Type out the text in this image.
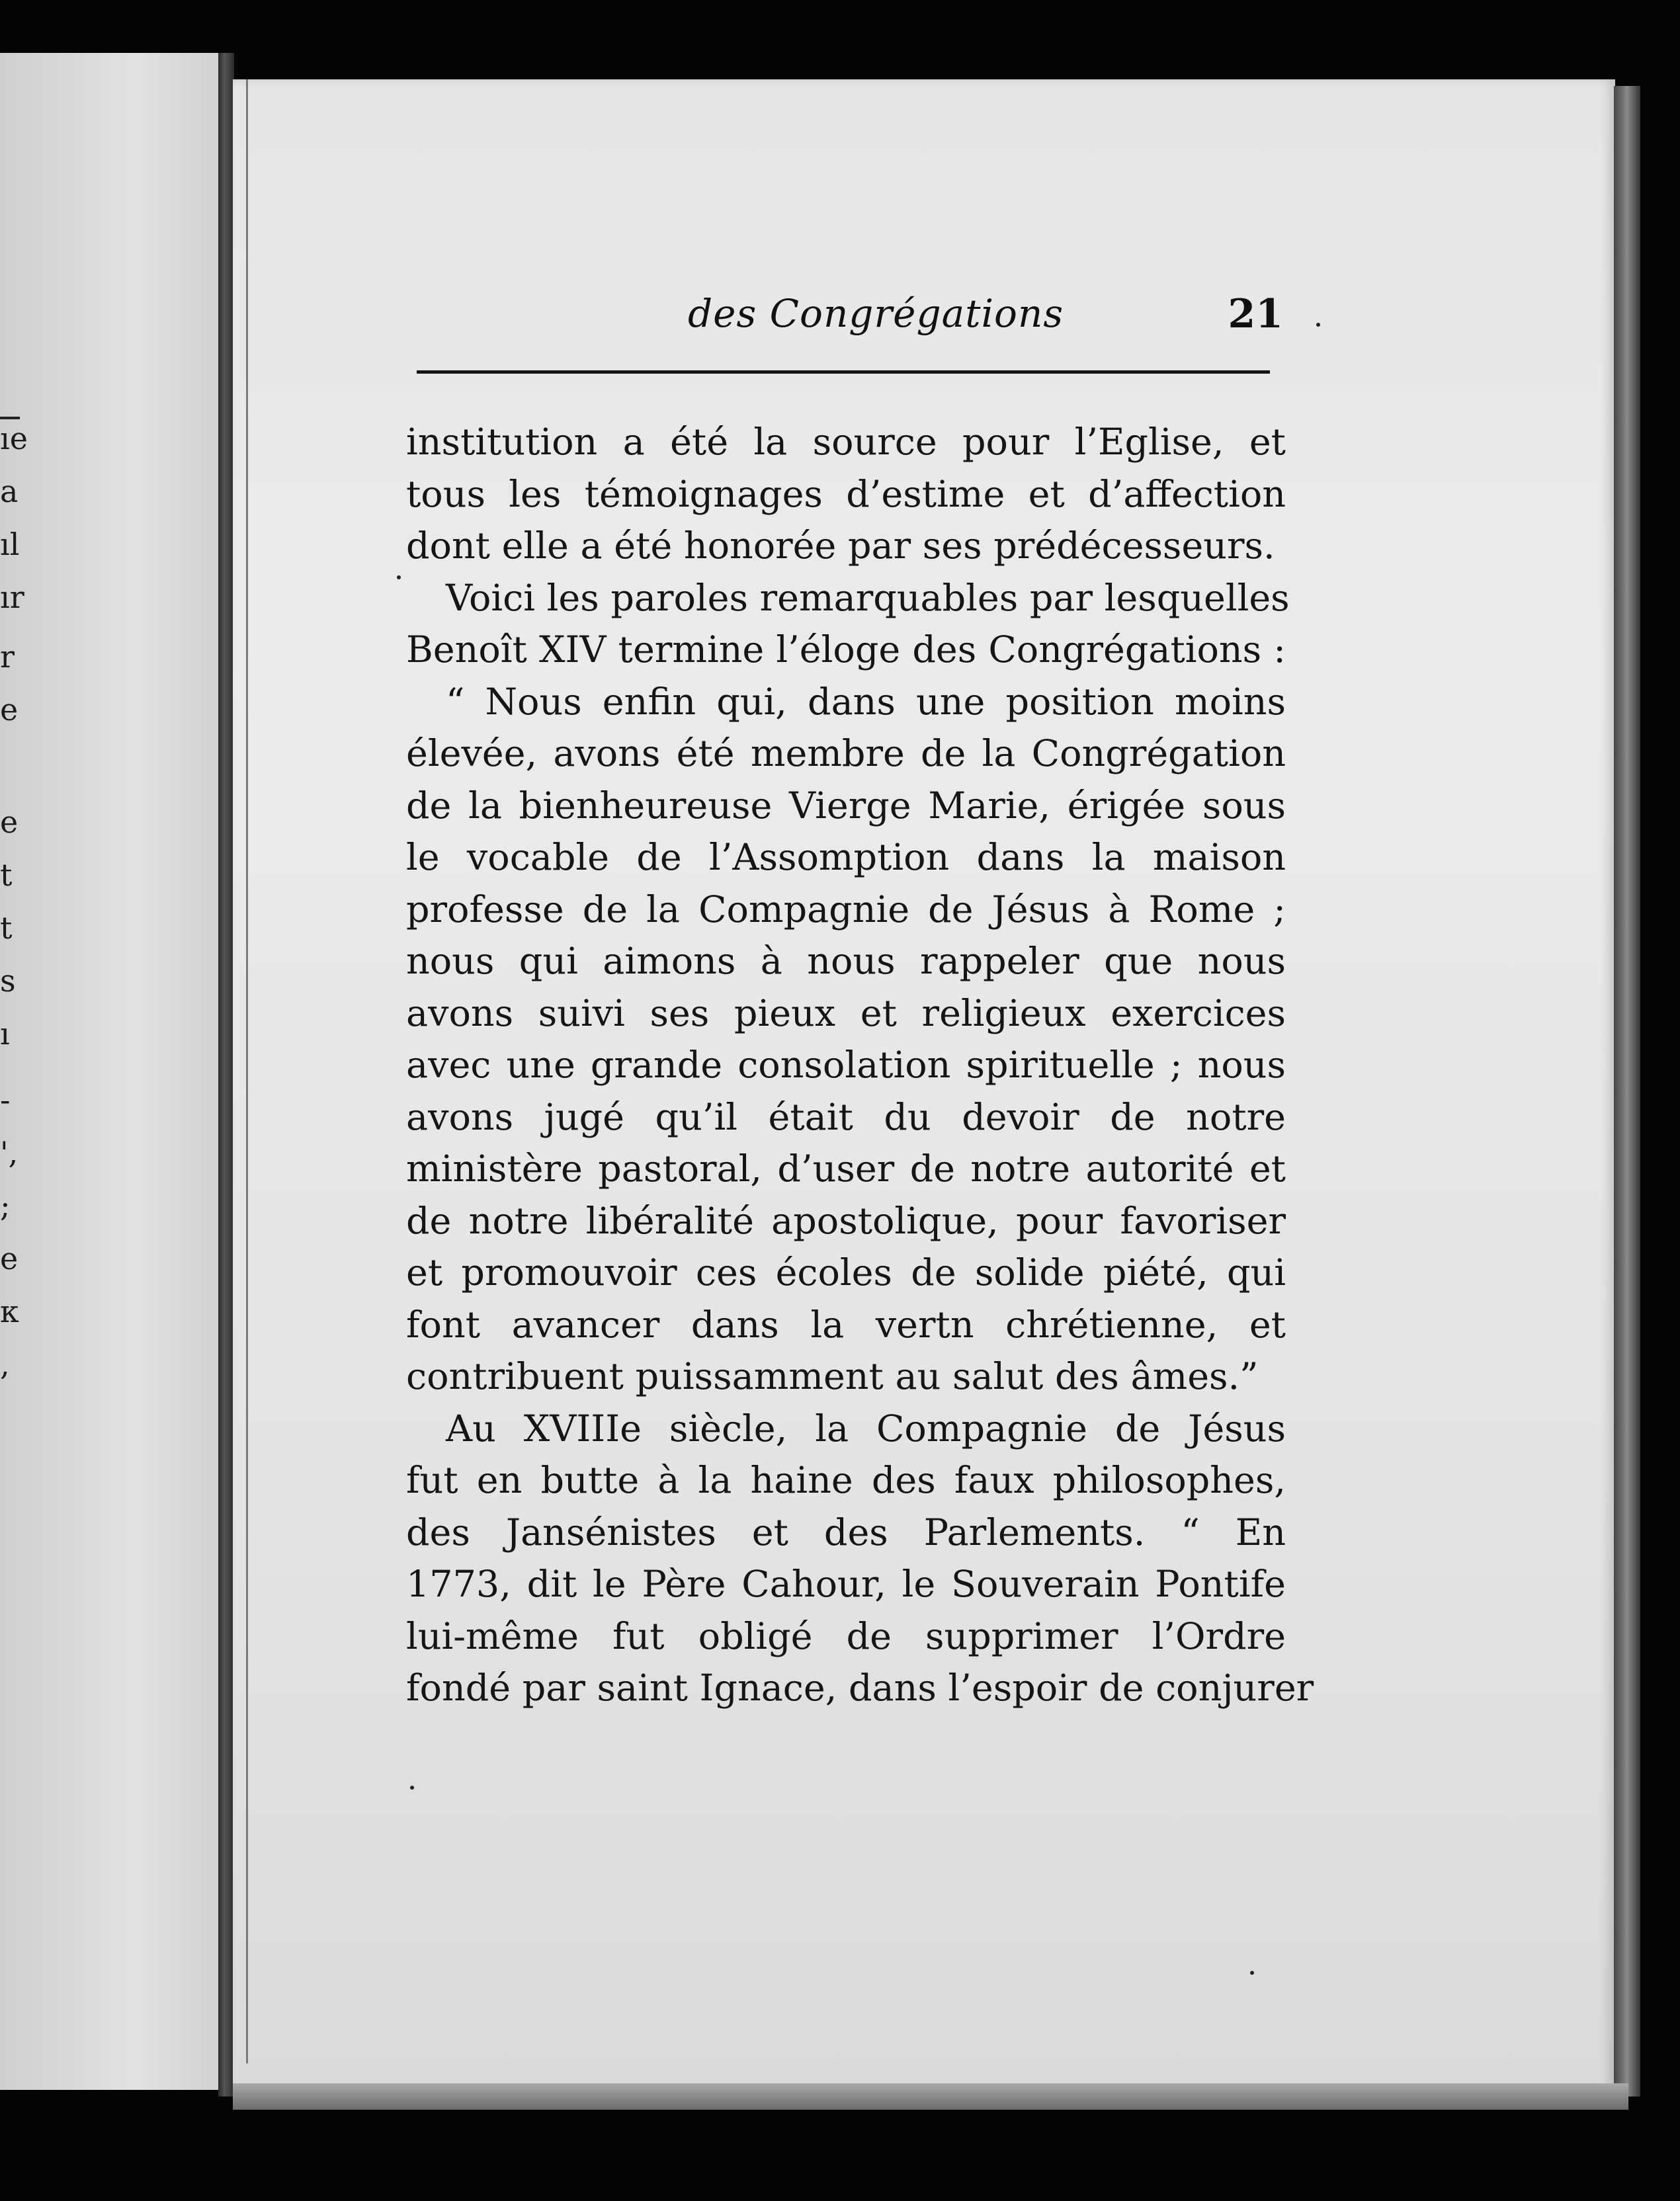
ıe
a
ıl
ır
r
e
e
t
t
s
ı
-
',
;
e
κ
,
des Congrégations	21
institution a été la source pour l’Eglise, et
tous les témoignages d’estime et d’affection
dont elle a été honorée par ses prédécesseurs.
Voici les paroles remarquables par lesquelles
Benoît XIV termine l’éloge des Congrégations :
“ Nous enfin qui, dans une position moins
élevée, avons été membre de la Congrégation
de la bienheureuse Vierge Marie, érigée sous
le vocable de l’Assomption dans la maison
professe de la Compagnie de Jésus à Rome ;
nous qui aimons à nous rappeler que nous
avons suivi ses pieux et religieux exercices
avec une grande consolation spirituelle ; nous
avons jugé qu’il était du devoir de notre
ministère pastoral, d’user de notre autorité et
de notre libéralité apostolique, pour favoriser
et promouvoir ces écoles de solide piété, qui
font avancer dans la vertn chrétienne, et
contribuent puissamment au salut des âmes.”
Au XVIIIe siècle, la Compagnie de Jésus
fut en butte à la haine des faux philosophes,
des Jansénistes et des Parlements. “ En
1773, dit le Père Cahour, le Souverain Pontife
lui-même fut obligé de supprimer l’Ordre
fondé par saint Ignace, dans l’espoir de conjurer
